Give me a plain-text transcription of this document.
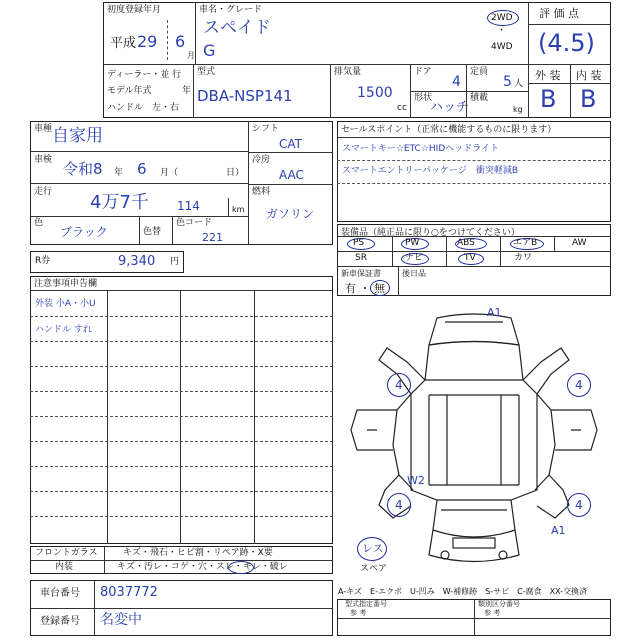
初度登録年月
平成 29 6
月
車名・グレード
スペイド
G
2WD
・
4WD
評 価 点
(4.5)
ディーラー・並 行
モデル年式	年
ハンドル　左・右
型式
DBA-NSP141
排気量
1500
cc
ドア
4
形状
ハッチ
定員
5 人
積載
kg
外 装 内 装
B B
車種 自家用
車検 令和8 年 6 月（	日）
走行 4万7千 114	km
色
ブラック	色替
色コード
221
シフト
CAT
冷房
AAC
燃料
ガソリン
R券	9,340 円
セールスポイント（正常に機能するものに限ります）
スマートキー☆ETC☆HIDヘッドライト
スマートエントリーパッケージ　衝突軽減B
装備品（純正品に限り○をつけてください）
PS	PW	ABS	エアB	AW
SR	ナビ	TV	カワ
新車保証書
有 ・ 無
後日品
注意事項申告欄
外装 小A・小U
ハンドル すれ
A1
4	4
W2
4	4
A1
レス
スペア
フロントガラス	キズ・飛石・ヒビ割・リペア跡・X要
内装	キズ・汚レ・コゲ・穴・スレ・キレ・破レ
車台番号 8037772
登録番号 名変中
A-キズ　E-エクボ　U-凹み　W-補修跡　S-サビ　C-腐食　XX-交換済
型式指定番号
参 考
類別区分番号
参 考
